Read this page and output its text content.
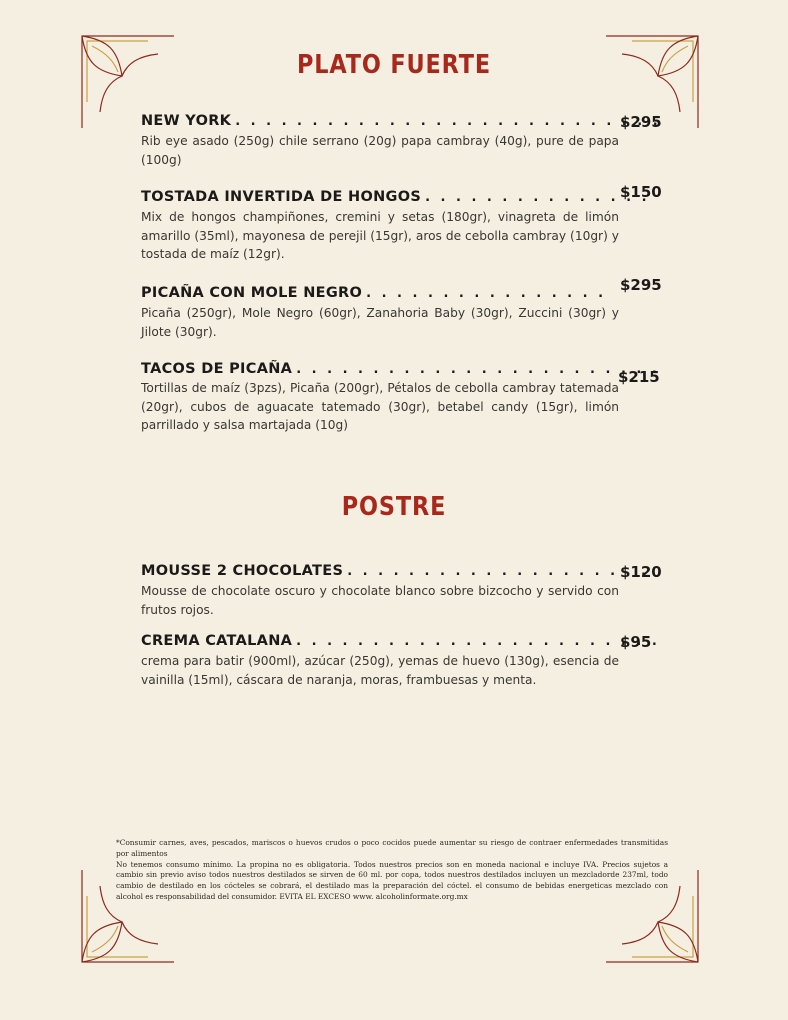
PLATO FUERTE
NEW YORK . . .	$295
Rib eye asado (250g) chile serrano (20g) papa cambray (40g), pure de papa (100g)
TOSTADA INVERTIDA DE HONGOS . . .	$150
Mix de hongos champiñones, cremini y setas (180gr), vinagreta de limón amarillo (35ml), mayonesa de perejil (15gr), aros de cebolla cambray (10gr) y tostada de maíz (12gr).
PICAÑA CON MOLE NEGRO . . .	$295
Picaña (250gr), Mole Negro (60gr), Zanahoria Baby (30gr), Zuccini (30gr) y Jilote (30gr).
TACOS DE PICAÑA . . .	$215
Tortillas de maíz (3pzs), Picaña (200gr), Pétalos de cebolla cambray tatemada (20gr), cubos de aguacate tatemado (30gr), betabel candy (15gr), limón parrillado y salsa martajada (10g)
POSTRE
MOUSSE 2 CHOCOLATES . . .	$120
Mousse de chocolate oscuro y chocolate blanco sobre bizcocho y servido con frutos rojos.
CREMA CATALANA . . .	$95
crema para batir (900ml), azúcar (250g), yemas de huevo (130g), esencia de vainilla (15ml), cáscara de naranja, moras, frambuesas y menta.

*Consumir carnes, aves, pescados, mariscos o huevos crudos o poco cocidos puede aumentar su riesgo de contraer enfermedades transmitidas por alimentos

No tenemos consumo mínimo. La propina no es obligatoria. Todos nuestros precios son en moneda nacional e incluye IVA. Precios sujetos a cambio sin previo aviso todos nuestros destilados se sirven de 60 ml. por copa, todos nuestros destilados incluyen un mezcladorde 237ml, todo cambio de destilado en los cócteles se cobrará, el destilado mas la preparación del cóctel. el consumo de bebidas energeticas mezclado con alcohol es responsabilidad del consumidor. EVITA EL EXCESO www. alcoholinformate.org.mx
